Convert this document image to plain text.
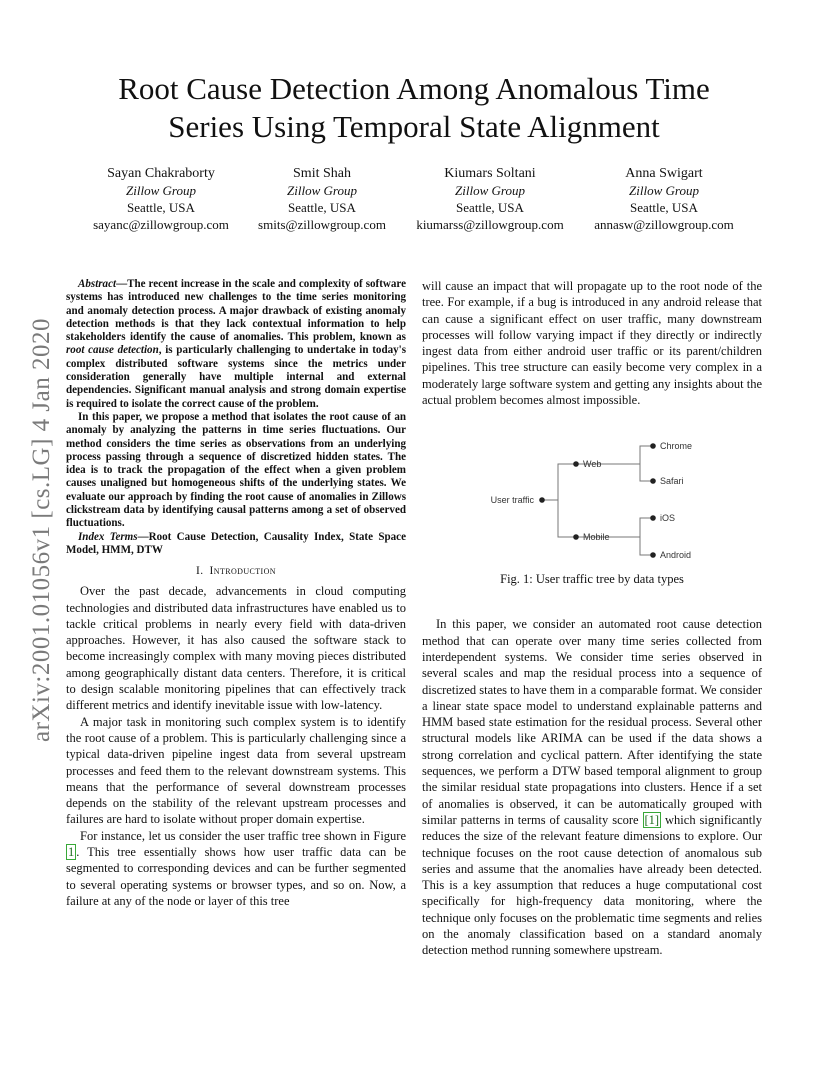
arXiv:2001.01056v1 [cs.LG] 4 Jan 2020
Root Cause Detection Among Anomalous Time
Series Using Temporal State Alignment
Sayan Chakraborty
Zillow Group
Seattle, USA
sayanc@zillowgroup.com
Smit Shah
Zillow Group
Seattle, USA
smits@zillowgroup.com
Kiumars Soltani
Zillow Group
Seattle, USA
kiumarss@zillowgroup.com
Anna Swigart
Zillow Group
Seattle, USA
annasw@zillowgroup.com

Abstract—The recent increase in the scale and complexity of software systems has introduced new challenges to the time series monitoring and anomaly detection process. A major drawback of existing anomaly detection methods is that they lack contextual information to help stakeholders identify the cause of anomalies. This problem, known as root cause detection, is particularly challenging to undertake in today's complex distributed software systems since the metrics under consideration generally have multiple internal and external dependencies. Significant manual analysis and strong domain expertise is required to isolate the correct cause of the problem.

In this paper, we propose a method that isolates the root cause of an anomaly by analyzing the patterns in time series fluctuations. Our method considers the time series as observations from an underlying process passing through a sequence of discretized hidden states. The idea is to track the propagation of the effect when a given problem causes unaligned but homogeneous shifts of the underlying states. We evaluate our approach by finding the root cause of anomalies in Zillows clickstream data by identifying causal patterns among a set of observed fluctuations.

Index Terms—Root Cause Detection, Causality Index, State Space Model, HMM, DTW

I. Introduction

Over the past decade, advancements in cloud computing technologies and distributed data infrastructures have enabled us to tackle critical problems in nearly every field with data-driven approaches. However, it has also caused the software stack to become increasingly complex with many moving pieces distributed among geographically distant data centers. Therefore, it is critical to design scalable monitoring pipelines that can effectively track different metrics and identify inevitable issue with low-latency.

A major task in monitoring such complex system is to identify the root cause of a problem. This is particularly challenging since a typical data-driven pipeline ingest data from several upstream processes and feed them to the relevant downstream systems. This means that the performance of several downstream processes depends on the stability of the relevant upstream processes and failures are hard to isolate without proper domain expertise.

For instance, let us consider the user traffic tree shown in Figure 1 . This tree essentially shows how user traffic data can be segmented to corresponding devices and can be further segmented to several operating systems or browser types, and so on. Now, a failure at any of the node or layer of this tree

will cause an impact that will propagate up to the root node of the tree. For example, if a bug is introduced in any android release that can cause a significant effect on user traffic, many downstream processes will follow varying impact if they directly or indirectly ingest data from either android user traffic or its parent/children pipelines. This tree structure can easily become very complex in a moderately large software system and getting any insights about the actual problem becomes almost impossible.

User traffic
Web
Mobile
Chrome
Safari
iOS
Android
Fig. 1: User traffic tree by data types

In this paper, we consider an automated root cause detection method that can operate over many time series collected from interdependent systems. We consider time series observed in several scales and map the residual process into a sequence of discretized states to have them in a comparable format. We consider a linear state space model to understand explainable patterns and HMM based state estimation for the residual process. Several other structural models like ARIMA can be used if the data shows a strong correlation and cyclical pattern. After identifying the state sequences, we perform a DTW based temporal alignment to group the similar residual state propagations into clusters. Hence if a set of anomalies is observed, it can be automatically grouped with similar patterns in terms of causality score [1] which significantly reduces the size of the relevant feature dimensions to explore. Our technique focuses on the root cause detection of anomalous sub series and assume that the anomalies have already been detected. This is a key assumption that reduces a huge computational cost specifically for high-frequency data monitoring, where the technique only focuses on the problematic time segments and relies on the anomaly classification based on a standard anomaly detection method running somewhere upstream.
